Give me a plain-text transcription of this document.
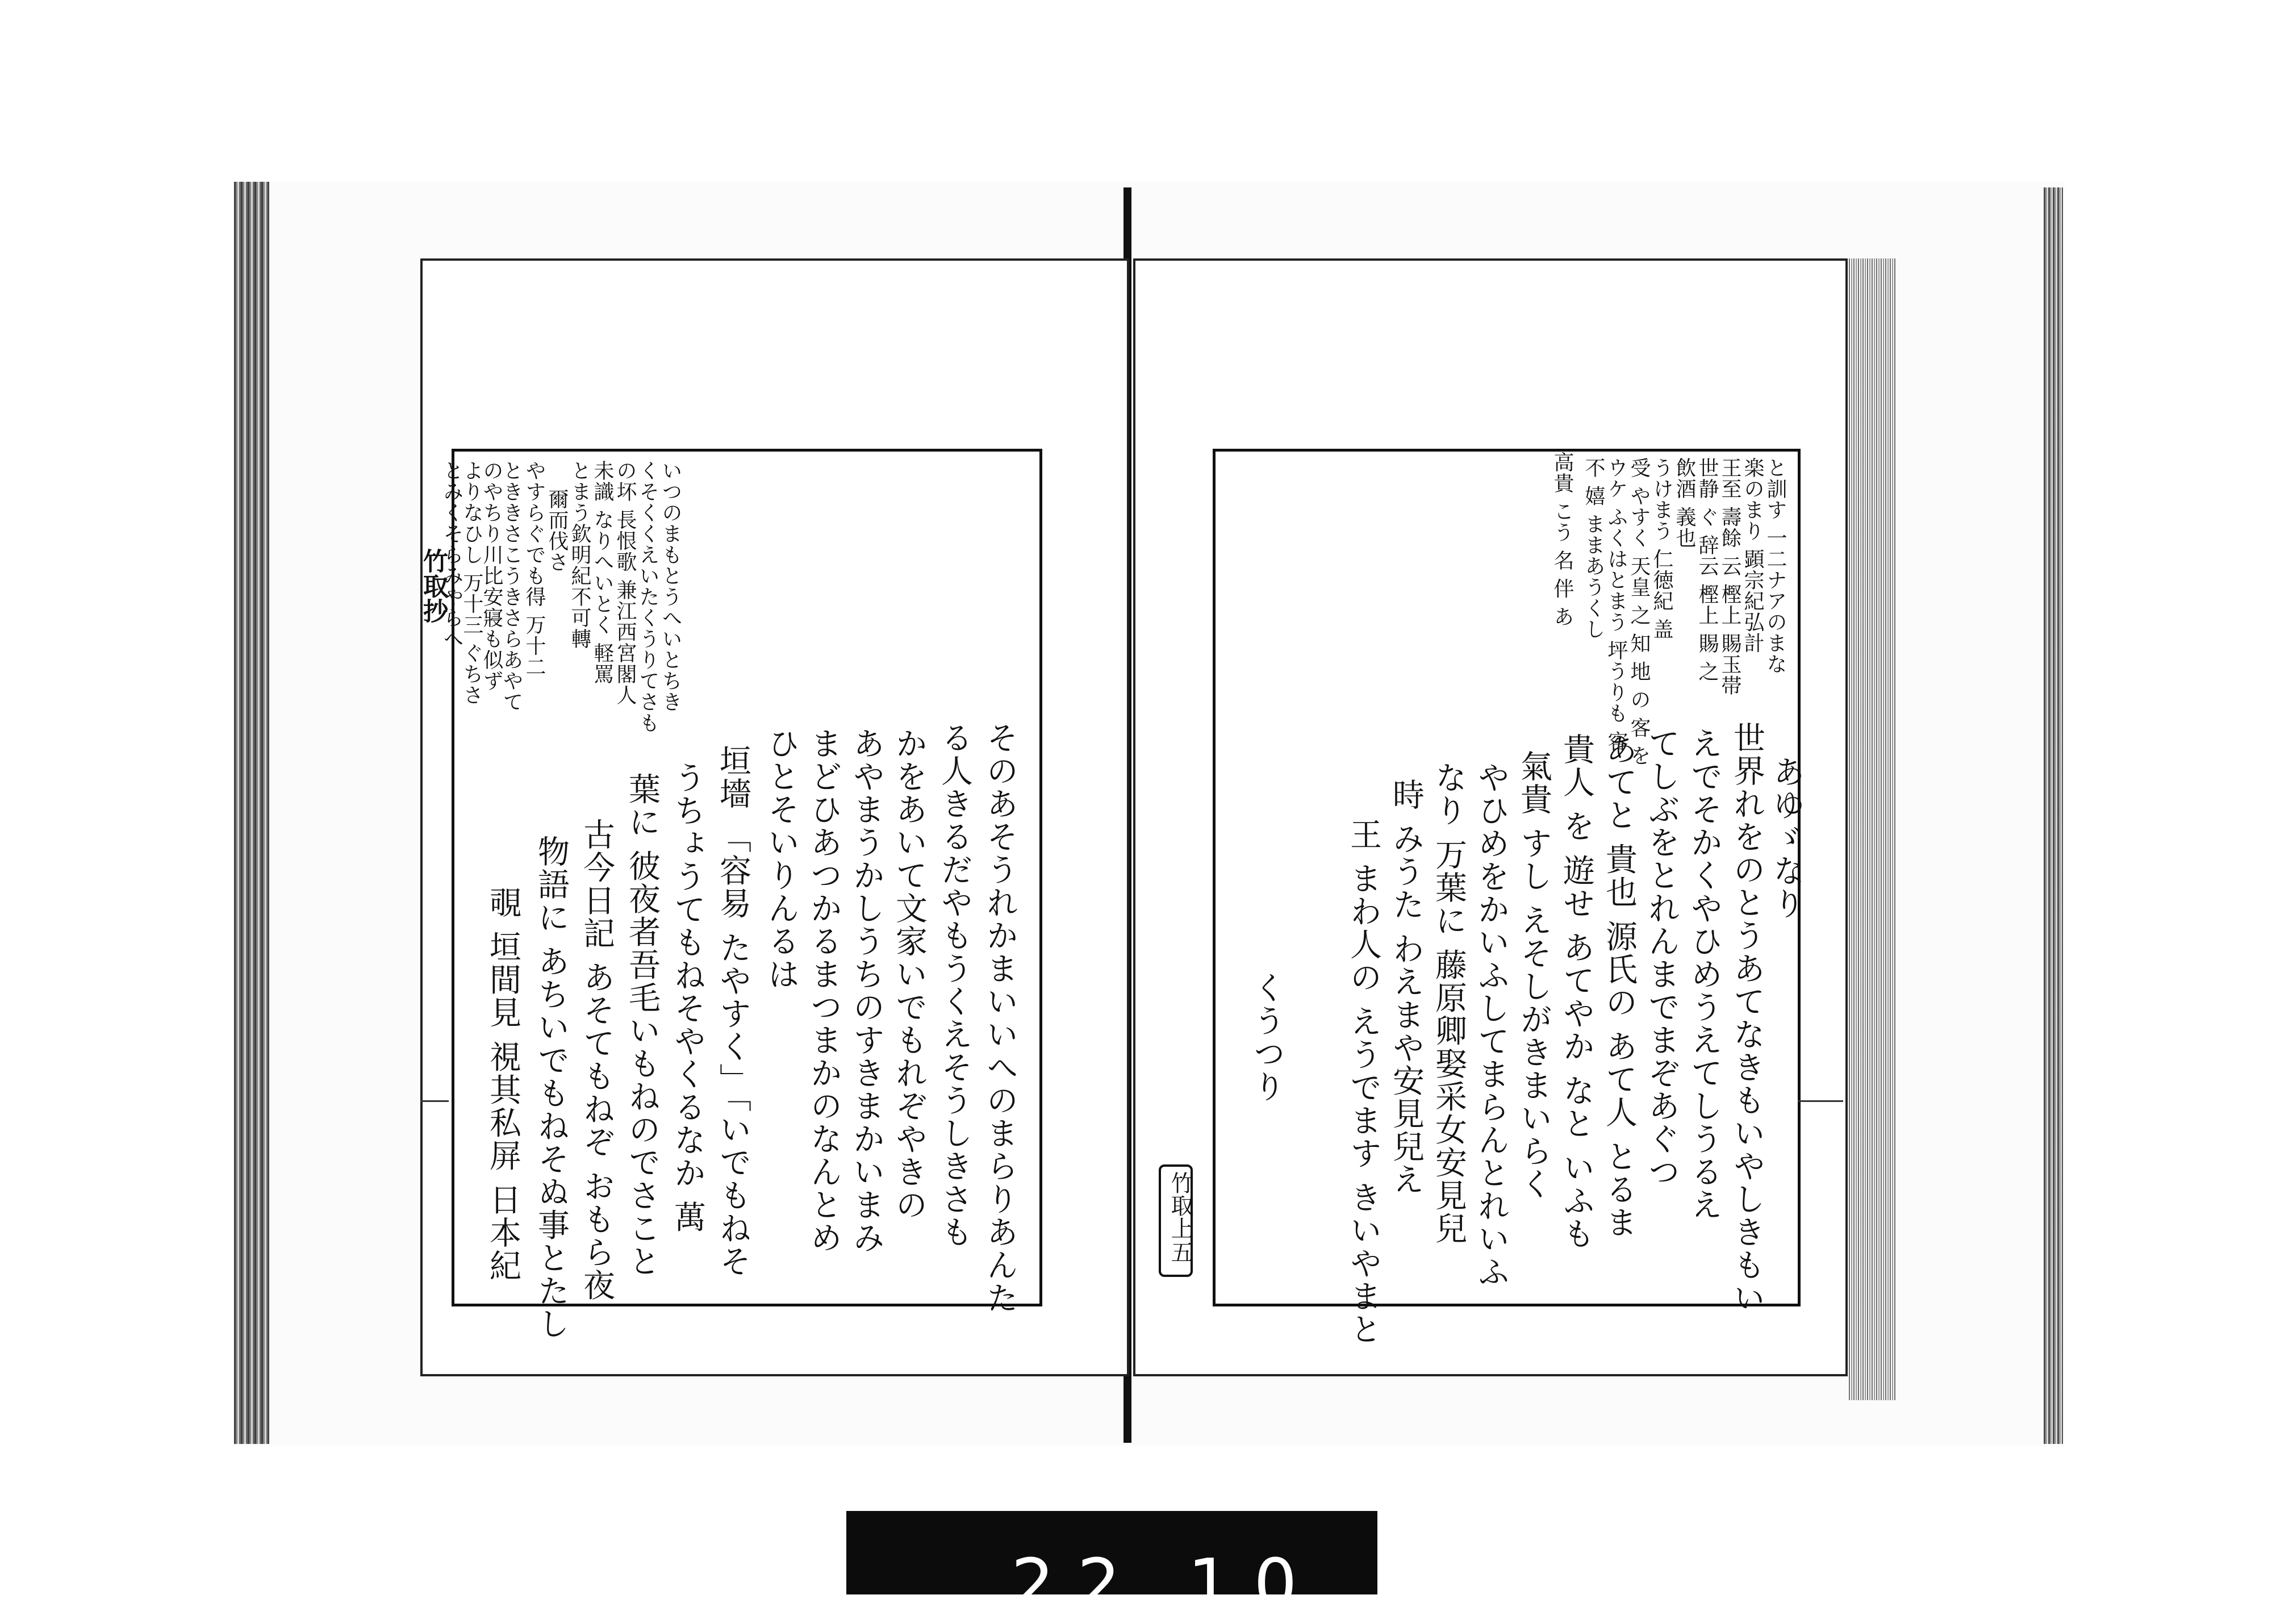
竹取抄	いつのまもとうへいとちき
くそくくえいたくうりてさも
の坏 長恨歌 兼江西宮閣人
未識 なりへいとく 軽罵
とまう欽明紀不可轉
爾而伐さ
やすらぐでも得 万十二
とききさこうきさらあやて
のやちり川比安寢も似ず
よりなひし 万十三 ぐちさ
とみくそらみやらへ
そのあそうれかまいいへのまらりあんた
る人きるだやもうくえそうしきさも
かをあいて文家いでもれぞやきの
あやまうかしうちのすきまかいまみ
まどひあつかるまつまかのなんとめ
ひとそいりんるは
垣墻 「容易 たやすく」「いでもねそ
うちょうてもねそやくるなか 萬
葉に 彼夜者吾毛いもねのでさこと
古今日記 あそてもねぞ おもら夜
物語に あちいでもねそぬ事とたし
覗 垣間見 視其私屏 日本紀
と訓す 一二ナアのまな
楽のまり 顕宗紀弘計
王至 壽餘 云 樫上 賜玉帯
世静 ぐ 辞云 樫上 賜 之
飲酒 義也
うけまう 仁徳紀 盖
受 やすく 天皇 之 知 地 の 客 を
ウケ ふくはとまう 坪うりも 容
不 嬉 ままあうくし
高貴 こう 名 伴 あ
あゆゞなり
世界れをのとうあてなきもいやしきもい
えでそかくやひめうえてしうるえ
てしぶをとれんまでまぞあぐつ
あてと 貴也 源氏の あて人 とるま
貴人 を 遊せ あてやか なと いふも
氣貴 すし えそしがきまいらく
やひめをかいふしてまらんとれいふ
なり 万葉に 藤原卿娶采女安見兒
時 みうた わえまや安見兒え
王 まわ人の えうでます きいやまと
くうつり
竹取上
五
22 10
